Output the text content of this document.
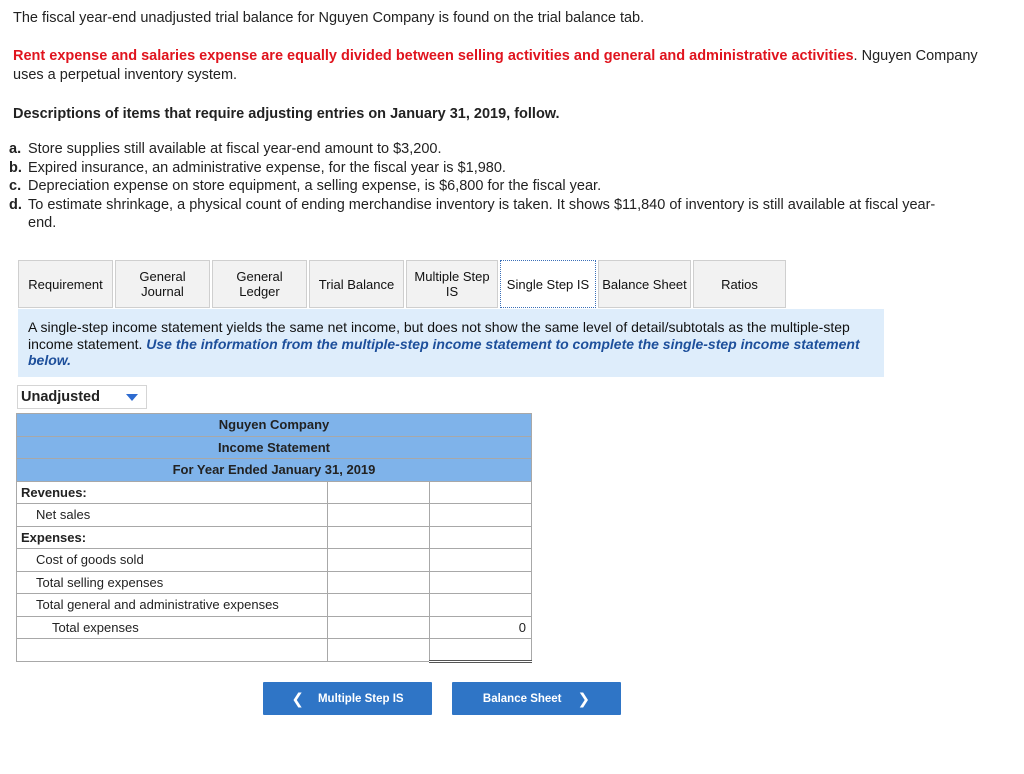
The fiscal year-end unadjusted trial balance for Nguyen Company is found on the trial balance tab.

Rent expense and salaries expense are equally divided between selling activities and general and administrative activities. Nguyen Company uses a perpetual inventory system.

Descriptions of items that require adjusting entries on January 31, 2019, follow.

a. Store supplies still available at fiscal year-end amount to $3,200.
b. Expired insurance, an administrative expense, for the fiscal year is $1,980.
c. Depreciation expense on store equipment, a selling expense, is $6,800 for the fiscal year.
d. To estimate shrinkage, a physical count of ending merchandise inventory is taken. It shows $11,840 of inventory is still available at fiscal year-end.
Requirement	General
Journal
General
Ledger	Trial Balance Multiple Step
IS	Single Step IS Balance Sheet	Ratios
A single-step income statement yields the same net income, but does not show the same level of detail/subtotals as the multiple-step income statement. Use the information from the multiple-step income statement to complete the single-step income statement below.
Unadjusted
Nguyen Company		
Income Statement		
For Year Ended January 31, 2019		
Revenues:		
Net sales		
Expenses:		
Cost of goods sold		
Total selling expenses		
Total general and administrative expenses		
Total expenses		0

❮ Multiple Step IS	Balance Sheet ❯
